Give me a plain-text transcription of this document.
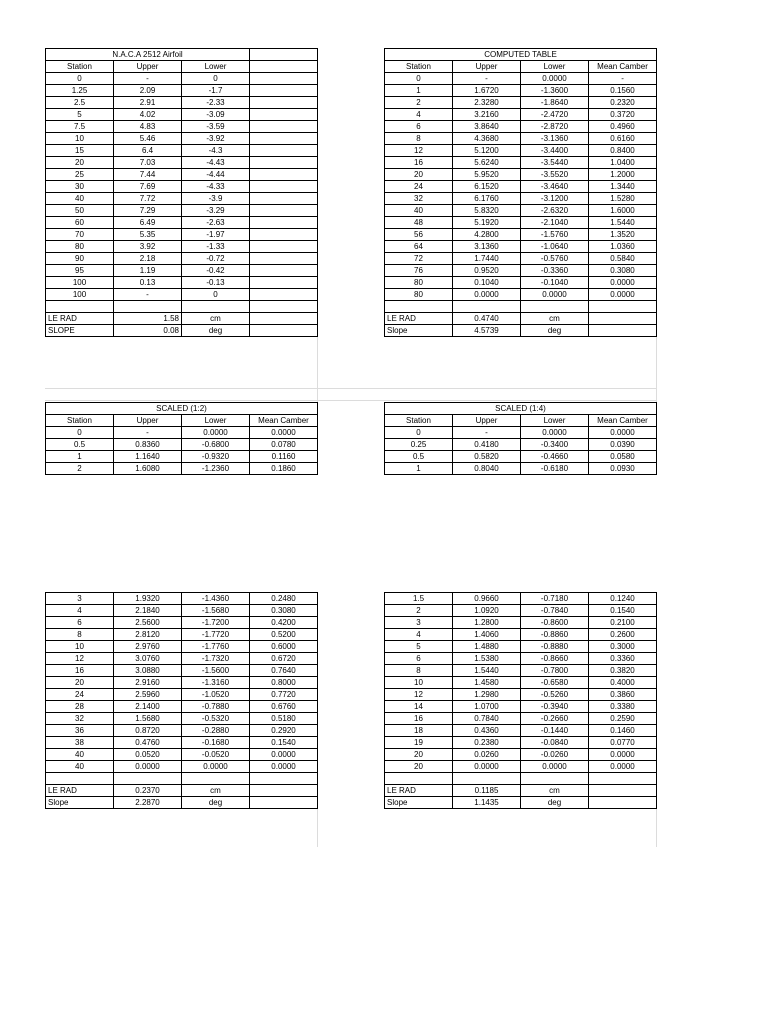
N.A.C.A 2512 Airfoil			
Station	Upper	Lower	
0	-	0	
1.25	2.09	-1.7	
2.5	2.91	-2.33	
5	4.02	-3.09	
7.5	4.83	-3.59	
10	5.46	-3.92	
15	6.4	-4.3	
20	7.03	-4.43	
25	7.44	-4.44	
30	7.69	-4.33	
40	7.72	-3.9	
50	7.29	-3.29	
60	6.49	-2.63	
70	5.35	-1.97	
80	3.92	-1.33	
90	2.18	-0.72	
95	1.19	-0.42	
100	0.13	-0.13	
100	-	0	

LE RAD	1.58	cm	
SLOPE	0.08	deg	
COMPUTED TABLE			
Station	Upper	Lower	Mean Camber
0	-	0.0000	-
1	1.6720	-1.3600	0.1560
2	2.3280	-1.8640	0.2320
4	3.2160	-2.4720	0.3720
6	3.8640	-2.8720	0.4960
8	4.3680	-3.1360	0.6160
12	5.1200	-3.4400	0.8400
16	5.6240	-3.5440	1.0400
20	5.9520	-3.5520	1.2000
24	6.1520	-3.4640	1.3440
32	6.1760	-3.1200	1.5280
40	5.8320	-2.6320	1.6000
48	5.1920	-2.1040	1.5440
56	4.2800	-1.5760	1.3520
64	3.1360	-1.0640	1.0360
72	1.7440	-0.5760	0.5840
76	0.9520	-0.3360	0.3080
80	0.1040	-0.1040	0.0000
80	0.0000	0.0000	0.0000

LE RAD	0.4740	cm	
Slope	4.5739	deg	
SCALED (1:2)			
Station	Upper	Lower	Mean Camber
0	-	0.0000	0.0000
0.5	0.8360	-0.6800	0.0780
1	1.1640	-0.9320	0.1160
2	1.6080	-1.2360	0.1860
SCALED (1:4)			
Station	Upper	Lower	Mean Camber
0	-	0.0000	0.0000
0.25	0.4180	-0.3400	0.0390
0.5	0.5820	-0.4660	0.0580
1	0.8040	-0.6180	0.0930
3	1.9320	-1.4360	0.2480
4	2.1840	-1.5680	0.3080
6	2.5600	-1.7200	0.4200
8	2.8120	-1.7720	0.5200
10	2.9760	-1.7760	0.6000
12	3.0760	-1.7320	0.6720
16	3.0880	-1.5600	0.7640
20	2.9160	-1.3160	0.8000
24	2.5960	-1.0520	0.7720
28	2.1400	-0.7880	0.6760
32	1.5680	-0.5320	0.5180
36	0.8720	-0.2880	0.2920
38	0.4760	-0.1680	0.1540
40	0.0520	-0.0520	0.0000
40	0.0000	0.0000	0.0000

LE RAD	0.2370	cm	
Slope	2.2870	deg	
1.5	0.9660	-0.7180	0.1240
2	1.0920	-0.7840	0.1540
3	1.2800	-0.8600	0.2100
4	1.4060	-0.8860	0.2600
5	1.4880	-0.8880	0.3000
6	1.5380	-0.8660	0.3360
8	1.5440	-0.7800	0.3820
10	1.4580	-0.6580	0.4000
12	1.2980	-0.5260	0.3860
14	1.0700	-0.3940	0.3380
16	0.7840	-0.2660	0.2590
18	0.4360	-0.1440	0.1460
19	0.2380	-0.0840	0.0770
20	0.0260	-0.0260	0.0000
20	0.0000	0.0000	0.0000

LE RAD	0.1185	cm	
Slope	1.1435	deg	
